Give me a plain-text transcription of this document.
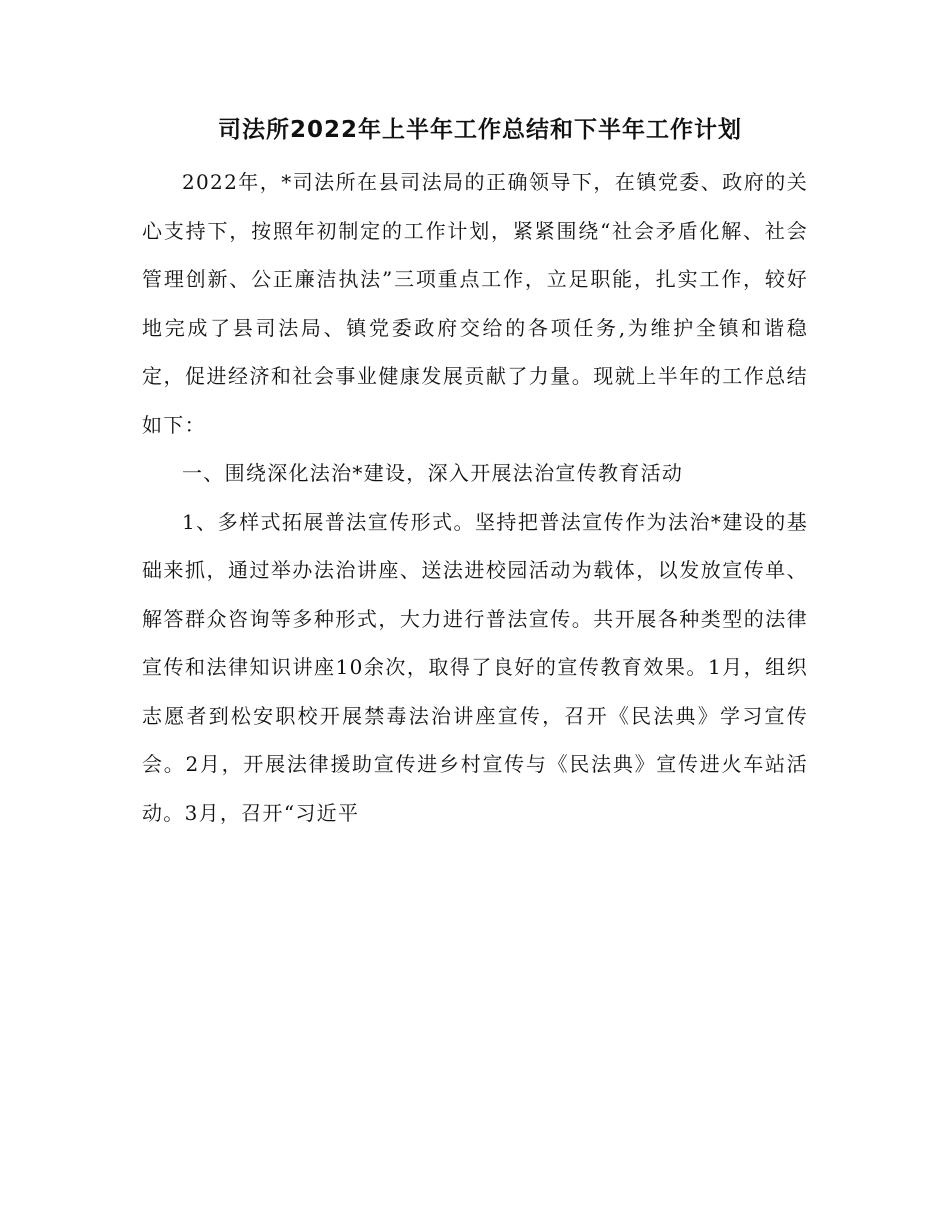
司法所2022年上半年工作总结和下半年工作计划

2022年，*司法所在县司法局的正确领导下，在镇党委、政府的关心支持下，按照年初制定的工作计划，紧紧围绕“社会矛盾化解、社会管理创新、公正廉洁执法”三项重点工作，立足职能，扎实工作，较好地完成了县司法局、镇党委政府交给的各项任务,为维护全镇和谐稳定，促进经济和社会事业健康发展贡献了力量。现就上半年的工作总结如下：

一、围绕深化法治*建设，深入开展法治宣传教育活动

1、多样式拓展普法宣传形式。坚持把普法宣传作为法治*建设的基础来抓，通过举办法治讲座、送法进校园活动为载体，以发放宣传单、解答群众咨询等多种形式，大力进行普法宣传。共开展各种类型的法律宣传和法律知识讲座10余次，取得了良好的宣传教育效果。1月，组织志愿者到松安职校开展禁毒法治讲座宣传，召开《民法典》学习宣传会。2月，开展法律援助宣传进乡村宣传与《民法典》宣传进火车站活动。3月，召开“习近平
